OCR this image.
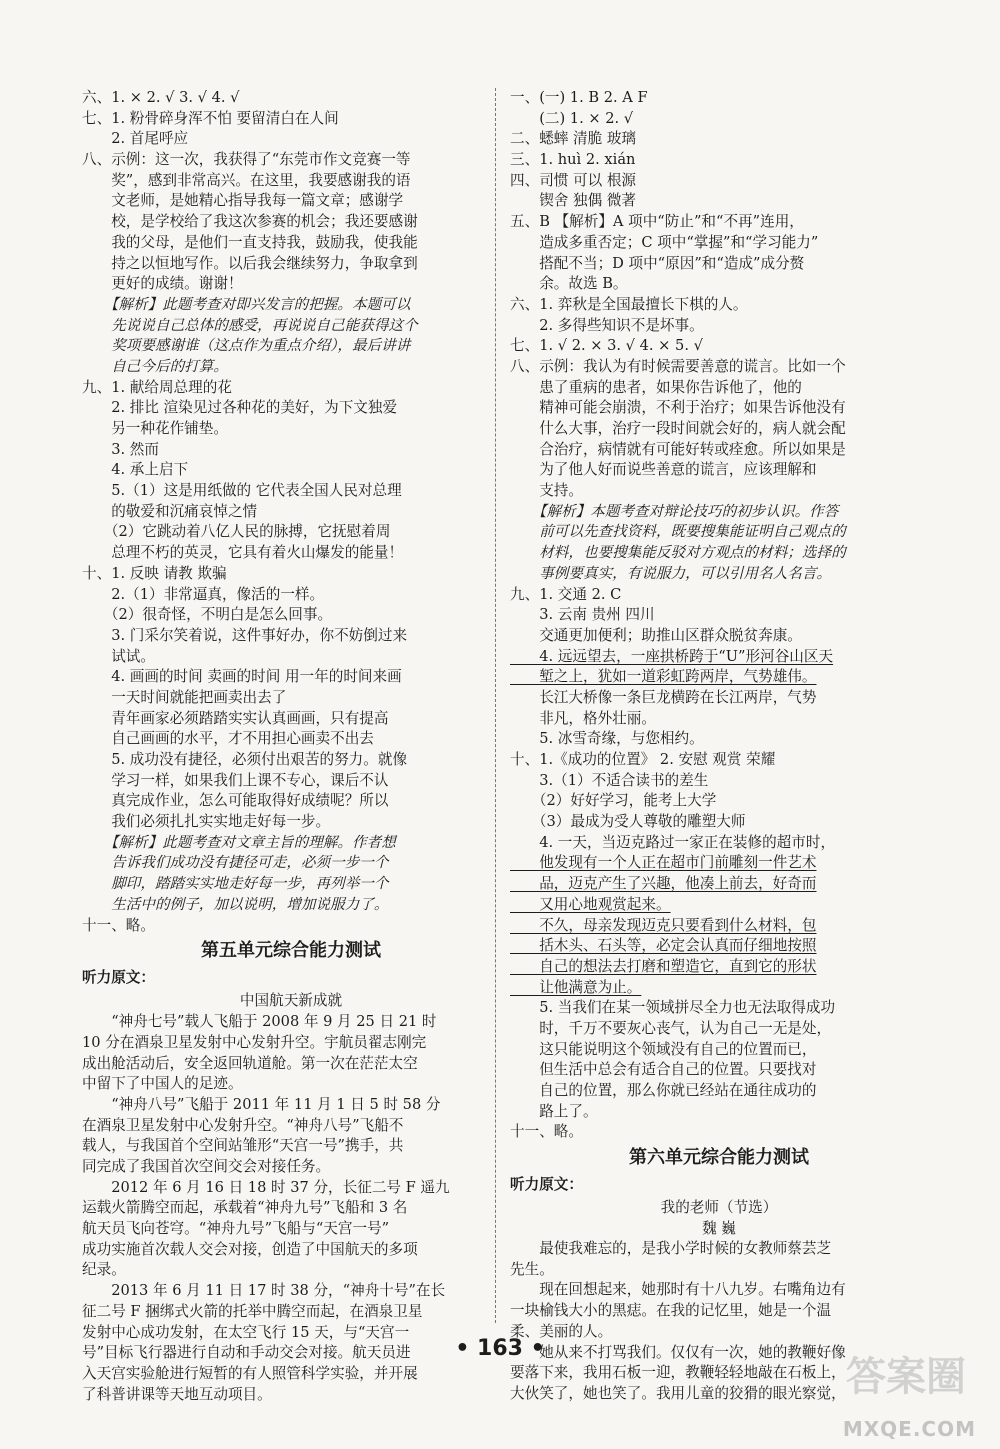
六、1. × 2. √ 3. √ 4. √
七、1. 粉骨碎身浑不怕 要留清白在人间
　　2. 首尾呼应
八、示例：这一次，我获得了“东莞市作文竞赛一等
　　奖”，感到非常高兴。在这里，我要感谢我的语
　　文老师，是她精心指导我每一篇文章；感谢学
　　校，是学校给了我这次参赛的机会；我还要感谢
　　我的父母，是他们一直支持我，鼓励我，使我能
　　持之以恒地写作。以后我会继续努力，争取拿到
　　更好的成绩。谢谢！
　　【解析】此题考查对即兴发言的把握。本题可以
　　先说说自己总体的感受，再说说自己能获得这个
　　奖项要感谢谁（这点作为重点介绍），最后讲讲
　　自己今后的打算。
九、1. 献给周总理的花
　　2. 排比 渲染见过各种花的美好，为下文独爱
　　另一种花作铺垫。
　　3. 然而
　　4. 承上启下
　　5.（1）这是用纸做的 它代表全国人民对总理
　　的敬爱和沉痛哀悼之情
　　（2）它跳动着八亿人民的脉搏，它抚慰着周
　　总理不朽的英灵，它具有着火山爆发的能量！
十、1. 反映 请教 欺骗
　　2.（1）非常逼真，像活的一样。
　　（2）很奇怪，不明白是怎么回事。
　　3. 门采尔笑着说，这件事好办，你不妨倒过来
　　试试。
　　4. 画画的时间 卖画的时间 用一年的时间来画
　　一天时间就能把画卖出去了
　　青年画家必须踏踏实实认真画画，只有提高
　　自己画画的水平，才不用担心画卖不出去
　　5. 成功没有捷径，必须付出艰苦的努力。就像
　　学习一样，如果我们上课不专心，课后不认
　　真完成作业，怎么可能取得好成绩呢？所以
　　我们必须扎扎实实地走好每一步。
　　【解析】此题考查对文章主旨的理解。作者想
　　告诉我们成功没有捷径可走，必须一步一个
　　脚印，踏踏实实地走好每一步，再列举一个
　　生活中的例子，加以说明，增加说服力了。
十一、略。
第五单元综合能力测试
听力原文：
中国航天新成就
　　“神舟七号”载人飞船于 2008 年 9 月 25 日 21 时
10 分在酒泉卫星发射中心发射升空。宇航员翟志刚完
成出舱活动后，安全返回轨道舱。第一次在茫茫太空
中留下了中国人的足迹。
　　“神舟八号”飞船于 2011 年 11 月 1 日 5 时 58 分
在酒泉卫星发射中心发射升空。“神舟八号”飞船不
载人，与我国首个空间站雏形“天宫一号”携手，共
同完成了我国首次空间交会对接任务。
　　2012 年 6 月 16 日 18 时 37 分，长征二号 F 遥九
运载火箭腾空而起，承载着“神舟九号”飞船和 3 名
航天员飞向苍穹。“神舟九号”飞船与“天宫一号”
成功实施首次载人交会对接，创造了中国航天的多项
纪录。
　　2013 年 6 月 11 日 17 时 38 分，“神舟十号”在长
征二号 F 捆绑式火箭的托举中腾空而起，在酒泉卫星
发射中心成功发射，在太空飞行 15 天，与“天宫一
号”目标飞行器进行自动和手动交会对接。航天员进
入天宫实验舱进行短暂的有人照管科学实验，并开展
了科普讲课等天地互动项目。
一、(一) 1. B 2. A F
　　(二) 1. × 2. √
二、蟋蟀 清脆 玻璃
三、1. huì 2. xián
四、司惯 可以 根源
　　锲舍 独偶 微著
五、B 【解析】A 项中“防止”和“不再”连用，
　　造成多重否定；C 项中“掌握”和“学习能力”
　　搭配不当；D 项中“原因”和“造成”成分赘
　　余。故选 B。
六、1. 弈秋是全国最擅长下棋的人。
　　2. 多得些知识不是坏事。
七、1. √ 2. × 3. √ 4. × 5. √
八、示例：我认为有时候需要善意的谎言。比如一个
　　患了重病的患者，如果你告诉他了，他的
　　精神可能会崩溃，不利于治疗；如果告诉他没有
　　什么大事，治疗一段时间就会好的，病人就会配
　　合治疗，病情就有可能好转或痊愈。所以如果是
　　为了他人好而说些善意的谎言，应该理解和
　　支持。
　　【解析】本题考查对辩论技巧的初步认识。作答
　　前可以先查找资料，既要搜集能证明自己观点的
　　材料，也要搜集能反驳对方观点的材料；选择的
　　事例要真实，有说服力，可以引用名人名言。
九、1. 交通 2. C
　　3. 云南 贵州 四川
　　交通更加便利；助推山区群众脱贫奔康。
　　4. 远远望去，一座拱桥跨于“U”形河谷山区天
　　堑之上，犹如一道彩虹跨两岸，气势雄伟。
　　长江大桥像一条巨龙横跨在长江两岸，气势
　　非凡，格外壮丽。
　　5. 冰雪奇缘，与您相约。
十、1.《成功的位置》 2. 安慰 观赏 荣耀
　　3.（1）不适合读书的差生
　　（2）好好学习，能考上大学
　　（3）最成为受人尊敬的雕塑大师
　　4. 一天，当迈克路过一家正在装修的超市时，
　　他发现有一个人正在超市门前雕刻一件艺术
　　品，迈克产生了兴趣，他凑上前去，好奇而
　　又用心地观赏起来。
　　不久，母亲发现迈克只要看到什么材料，包
　　括木头、石头等，必定会认真而仔细地按照
　　自己的想法去打磨和塑造它，直到它的形状
　　让他满意为止。
　　5. 当我们在某一领域拼尽全力也无法取得成功
　　时，千万不要灰心丧气，认为自己一无是处，
　　这只能说明这个领域没有自己的位置而已，
　　但生活中总会有适合自己的位置。只要找对
　　自己的位置，那么你就已经站在通往成功的
　　路上了。
十一、略。
第六单元综合能力测试
听力原文：
我的老师（节选）
魏 巍
　　最使我难忘的，是我小学时候的女教师蔡芸芝
先生。
　　现在回想起来，她那时有十八九岁。右嘴角边有
一块榆钱大小的黑痣。在我的记忆里，她是一个温
柔、美丽的人。
　　她从来不打骂我们。仅仅有一次，她的教鞭好像
要落下来，我用石板一迎，教鞭轻轻地敲在石板上，
大伙笑了，她也笑了。我用儿童的狡猾的眼光察觉，
• 163 •
答案圈
MXQE.COM
